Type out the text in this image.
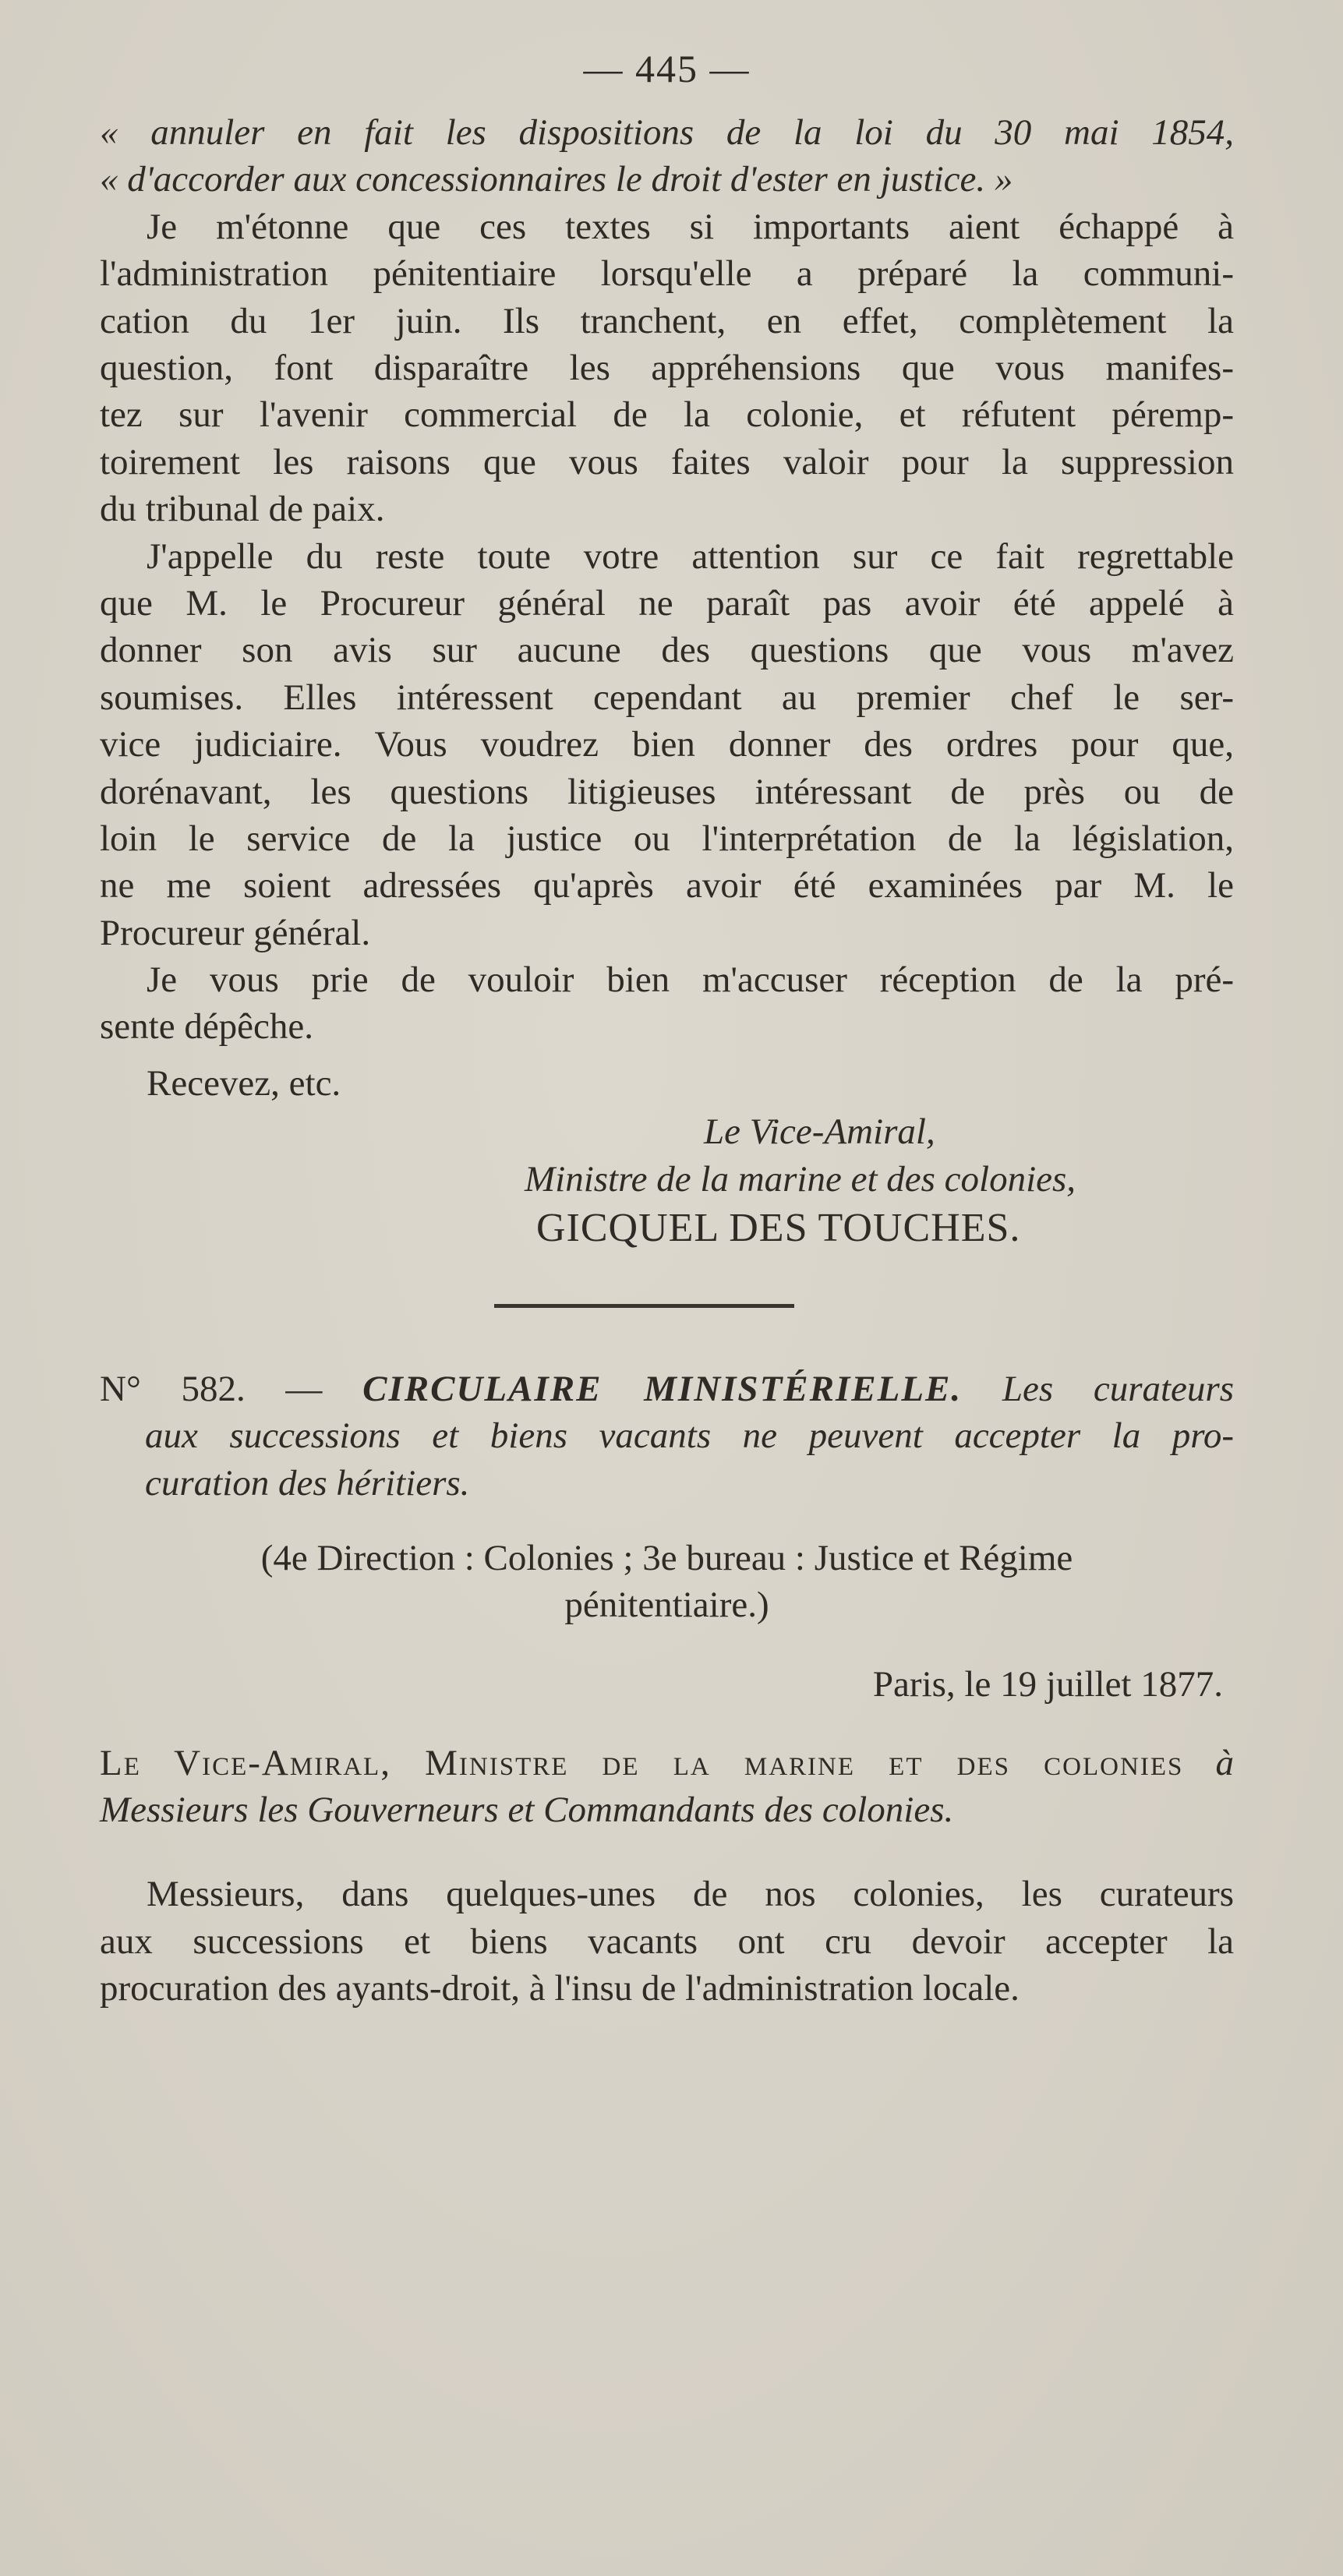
— 445 —

« annuler en fait les dispositions de la loi du 30 mai 1854,

« d'accorder aux concessionnaires le droit d'ester en justice. »

Je m'étonne que ces textes si importants aient échappé à

l'administration pénitentiaire lorsqu'elle a préparé la communi-

cation du 1er juin. Ils tranchent, en effet, complètement la

question, font disparaître les appréhensions que vous manifes-

tez sur l'avenir commercial de la colonie, et réfutent péremp-

toirement les raisons que vous faites valoir pour la suppression

du tribunal de paix.

J'appelle du reste toute votre attention sur ce fait regrettable

que M. le Procureur général ne paraît pas avoir été appelé à

donner son avis sur aucune des questions que vous m'avez

soumises. Elles intéressent cependant au premier chef le ser-

vice judiciaire. Vous voudrez bien donner des ordres pour que,

dorénavant, les questions litigieuses intéressant de près ou de

loin le service de la justice ou l'interprétation de la législation,

ne me soient adressées qu'après avoir été examinées par M. le

Procureur général.

Je vous prie de vouloir bien m'accuser réception de la pré-

sente dépêche.

Recevez, etc.

Le Vice-Amiral,

Ministre de la marine et des colonies,

GICQUEL DES TOUCHES.

N° 582. — CIRCULAIRE MINISTÉRIELLE. Les curateurs

aux successions et biens vacants ne peuvent accepter la pro-

curation des héritiers.

(4e Direction : Colonies ; 3e bureau : Justice et Régime
pénitentiaire.)

Paris, le 19 juillet 1877.

Le Vice-Amiral, Ministre de la marine et des colonies à

Messieurs les Gouverneurs et Commandants des colonies.

Messieurs, dans quelques-unes de nos colonies, les curateurs

aux successions et biens vacants ont cru devoir accepter la

procuration des ayants-droit, à l'insu de l'administration locale.
